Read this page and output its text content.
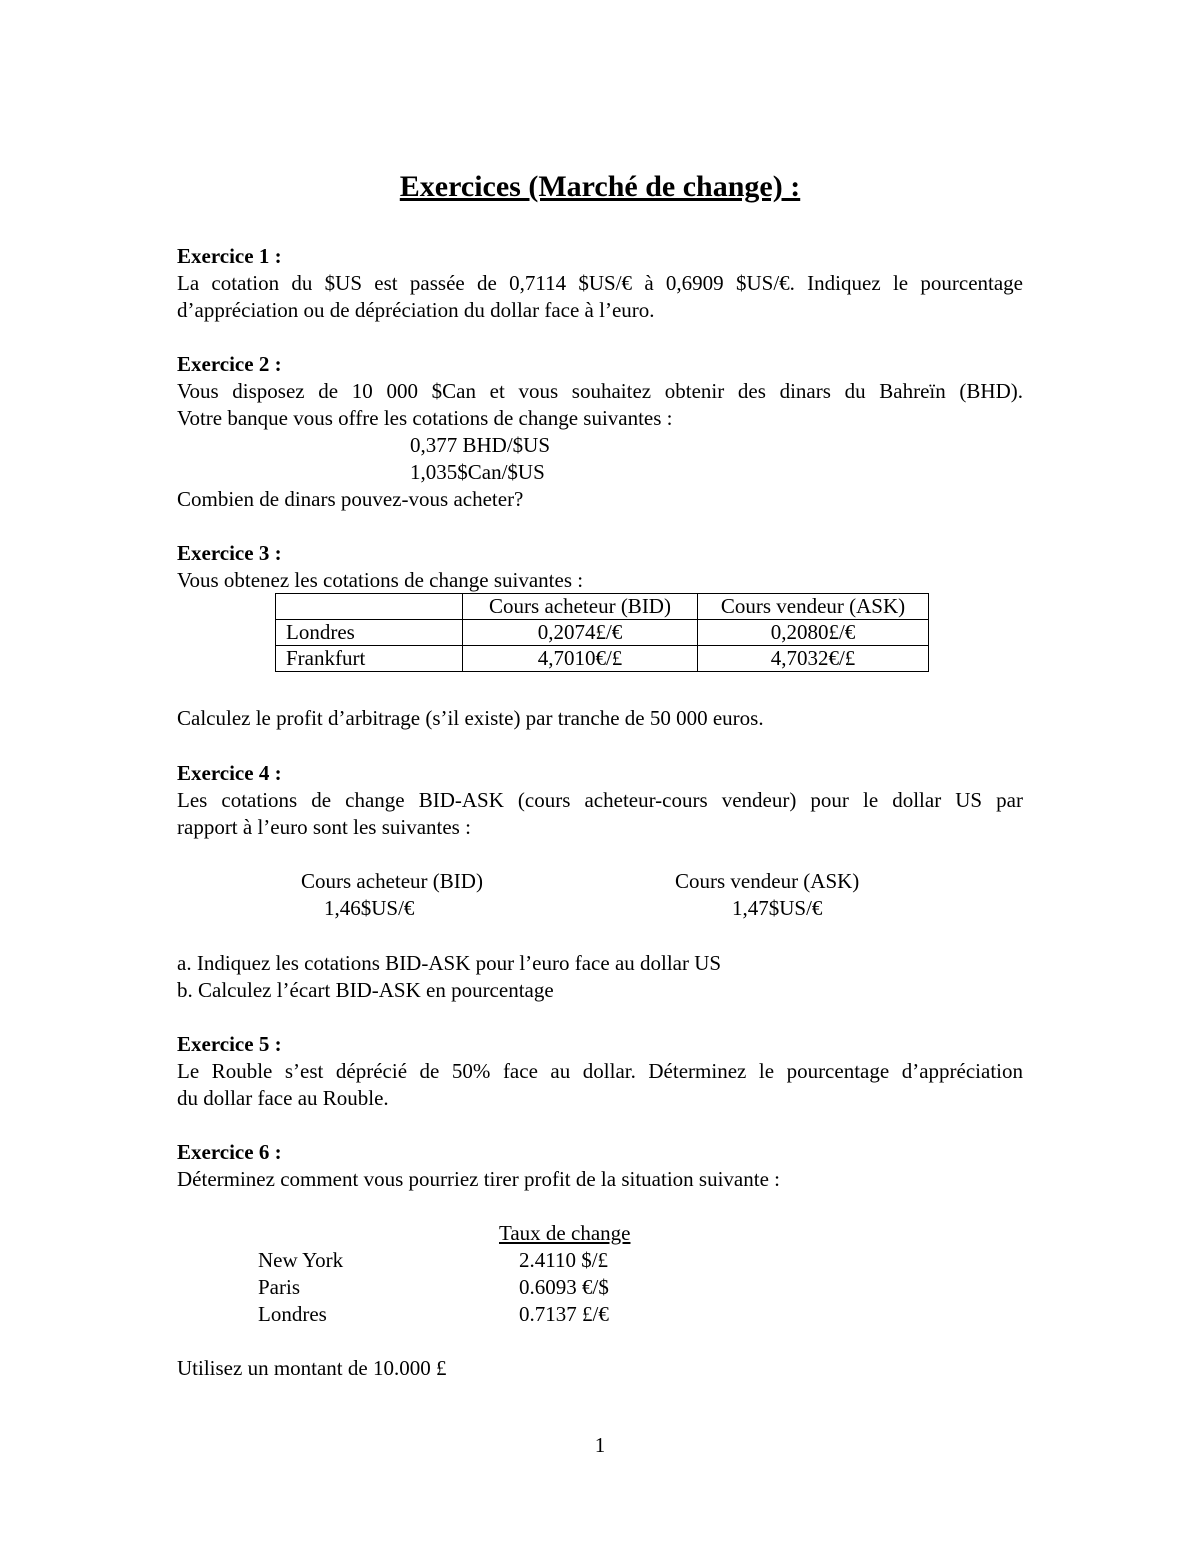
Exercices (Marché de change) :
Exercice 1 :
La cotation du $US est passée de 0,7114 $US/€ à 0,6909 $US/€. Indiquez le pourcentage
d’appréciation ou de dépréciation du dollar face à l’euro.
Exercice 2 :
Vous disposez de 10 000 $Can et vous souhaitez obtenir des dinars du Bahreïn (BHD).
Votre banque vous offre les cotations de change suivantes :
0,377 BHD/$US
1,035$Can/$US
Combien de dinars pouvez-vous acheter?
Exercice 3 :
Vous obtenez les cotations de change suivantes :
	Cours acheteur (BID)	Cours vendeur (ASK)
Londres	0,2074£/€	0,2080£/€
Frankfurt	4,7010€/£	4,7032€/£
Calculez le profit d’arbitrage (s’il existe) par tranche de 50 000 euros.
Exercice 4 :
Les cotations de change BID-ASK (cours acheteur-cours vendeur) pour le dollar US par
rapport à l’euro sont les suivantes :
Cours acheteur (BID)	Cours vendeur (ASK)
1,46$US/€	1,47$US/€
a. Indiquez les cotations BID-ASK pour l’euro face au dollar US
b. Calculez l’écart BID-ASK en pourcentage
Exercice 5 :
Le Rouble s’est déprécié de 50% face au dollar. Déterminez le pourcentage d’appréciation
du dollar face au Rouble.
Exercice 6 :
Déterminez comment vous pourriez tirer profit de la situation suivante :
Taux de change
New York	2.4110 $/£
Paris	0.6093 €/$
Londres	0.7137 £/€
Utilisez un montant de 10.000 £
1
